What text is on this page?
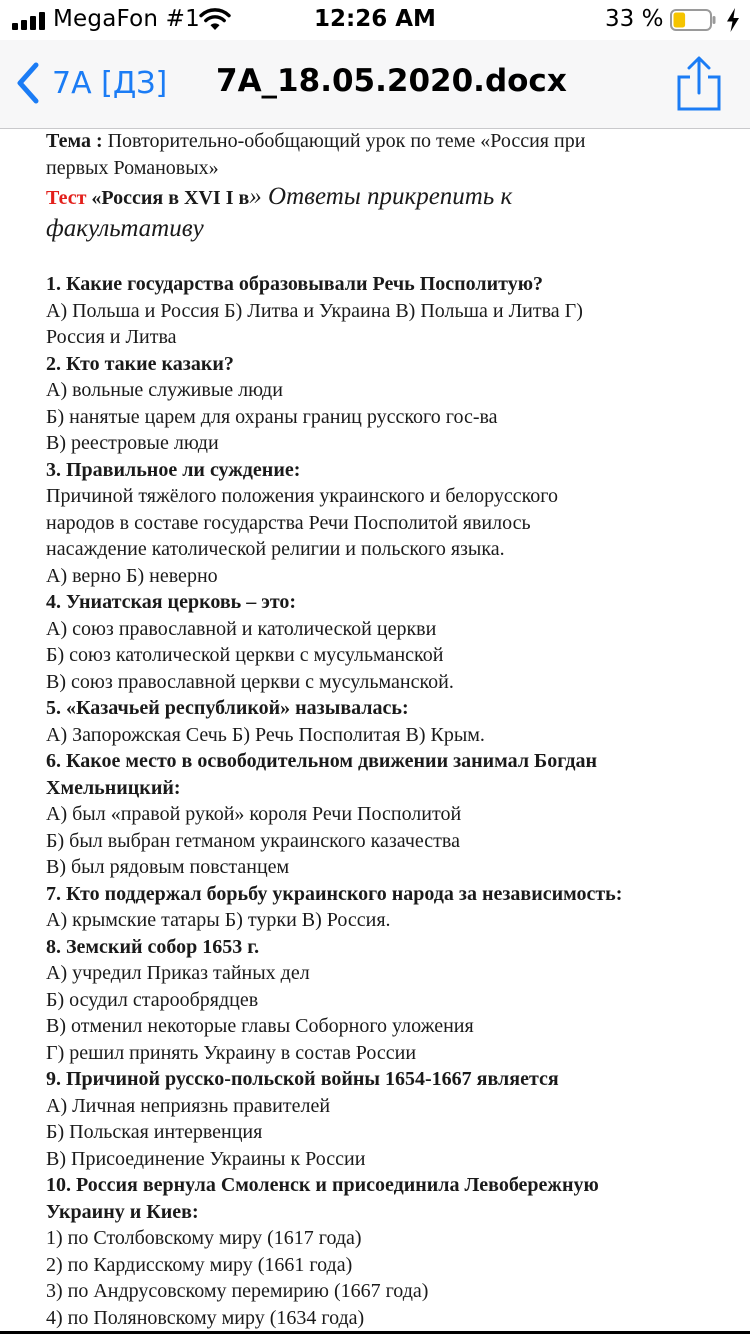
MegaFon #1	12:26 AM	33 %
7А [ДЗ] 7A_18.05.2020.docx
Тема : Повторительно-обобщающий урок по теме «Россия при
первых Романовых»
Тест «Россия в XVI I в» Ответы прикрепить к
факультативу
1. Какие государства образовывали Речь Посполитую?
А) Польша и Россия Б) Литва и Украина В) Польша и Литва Г)
Россия и Литва
2. Кто такие казаки?
А) вольные служивые люди
Б) нанятые царем для охраны границ русского гос-ва
В) реестровые люди
3. Правильное ли суждение:
Причиной тяжёлого положения украинского и белорусского
народов в составе государства Речи Посполитой явилось
насаждение католической религии и польского языка.
А) верно Б) неверно
4. Униатская церковь – это:
А) союз православной и католической церкви
Б) союз католической церкви с мусульманской
В) союз православной церкви с мусульманской.
5. «Казачьей республикой» называлась:
А) Запорожская Сечь Б) Речь Посполитая В) Крым.
6. Какое место в освободительном движении занимал Богдан
Хмельницкий:
А) был «правой рукой» короля Речи Посполитой
Б) был выбран гетманом украинского казачества
В) был рядовым повстанцем
7. Кто поддержал борьбу украинского народа за независимость:
А) крымские татары Б) турки В) Россия.
8. Земский собор 1653 г.
А) учредил Приказ тайных дел
Б) осудил старообрядцев
В) отменил некоторые главы Соборного уложения
Г) решил принять Украину в состав России
9. Причиной русско-польской войны 1654-1667 является
А) Личная неприязнь правителей
Б) Польская интервенция
В) Присоединение Украины к России
10. Россия вернула Смоленск и присоединила Левобережную
Украину и Киев:
1) по Столбовскому миру (1617 года)
2) по Кардисскому миру (1661 года)
3) по Андрусовскому перемирию (1667 года)
4) по Поляновскому миру (1634 года)
